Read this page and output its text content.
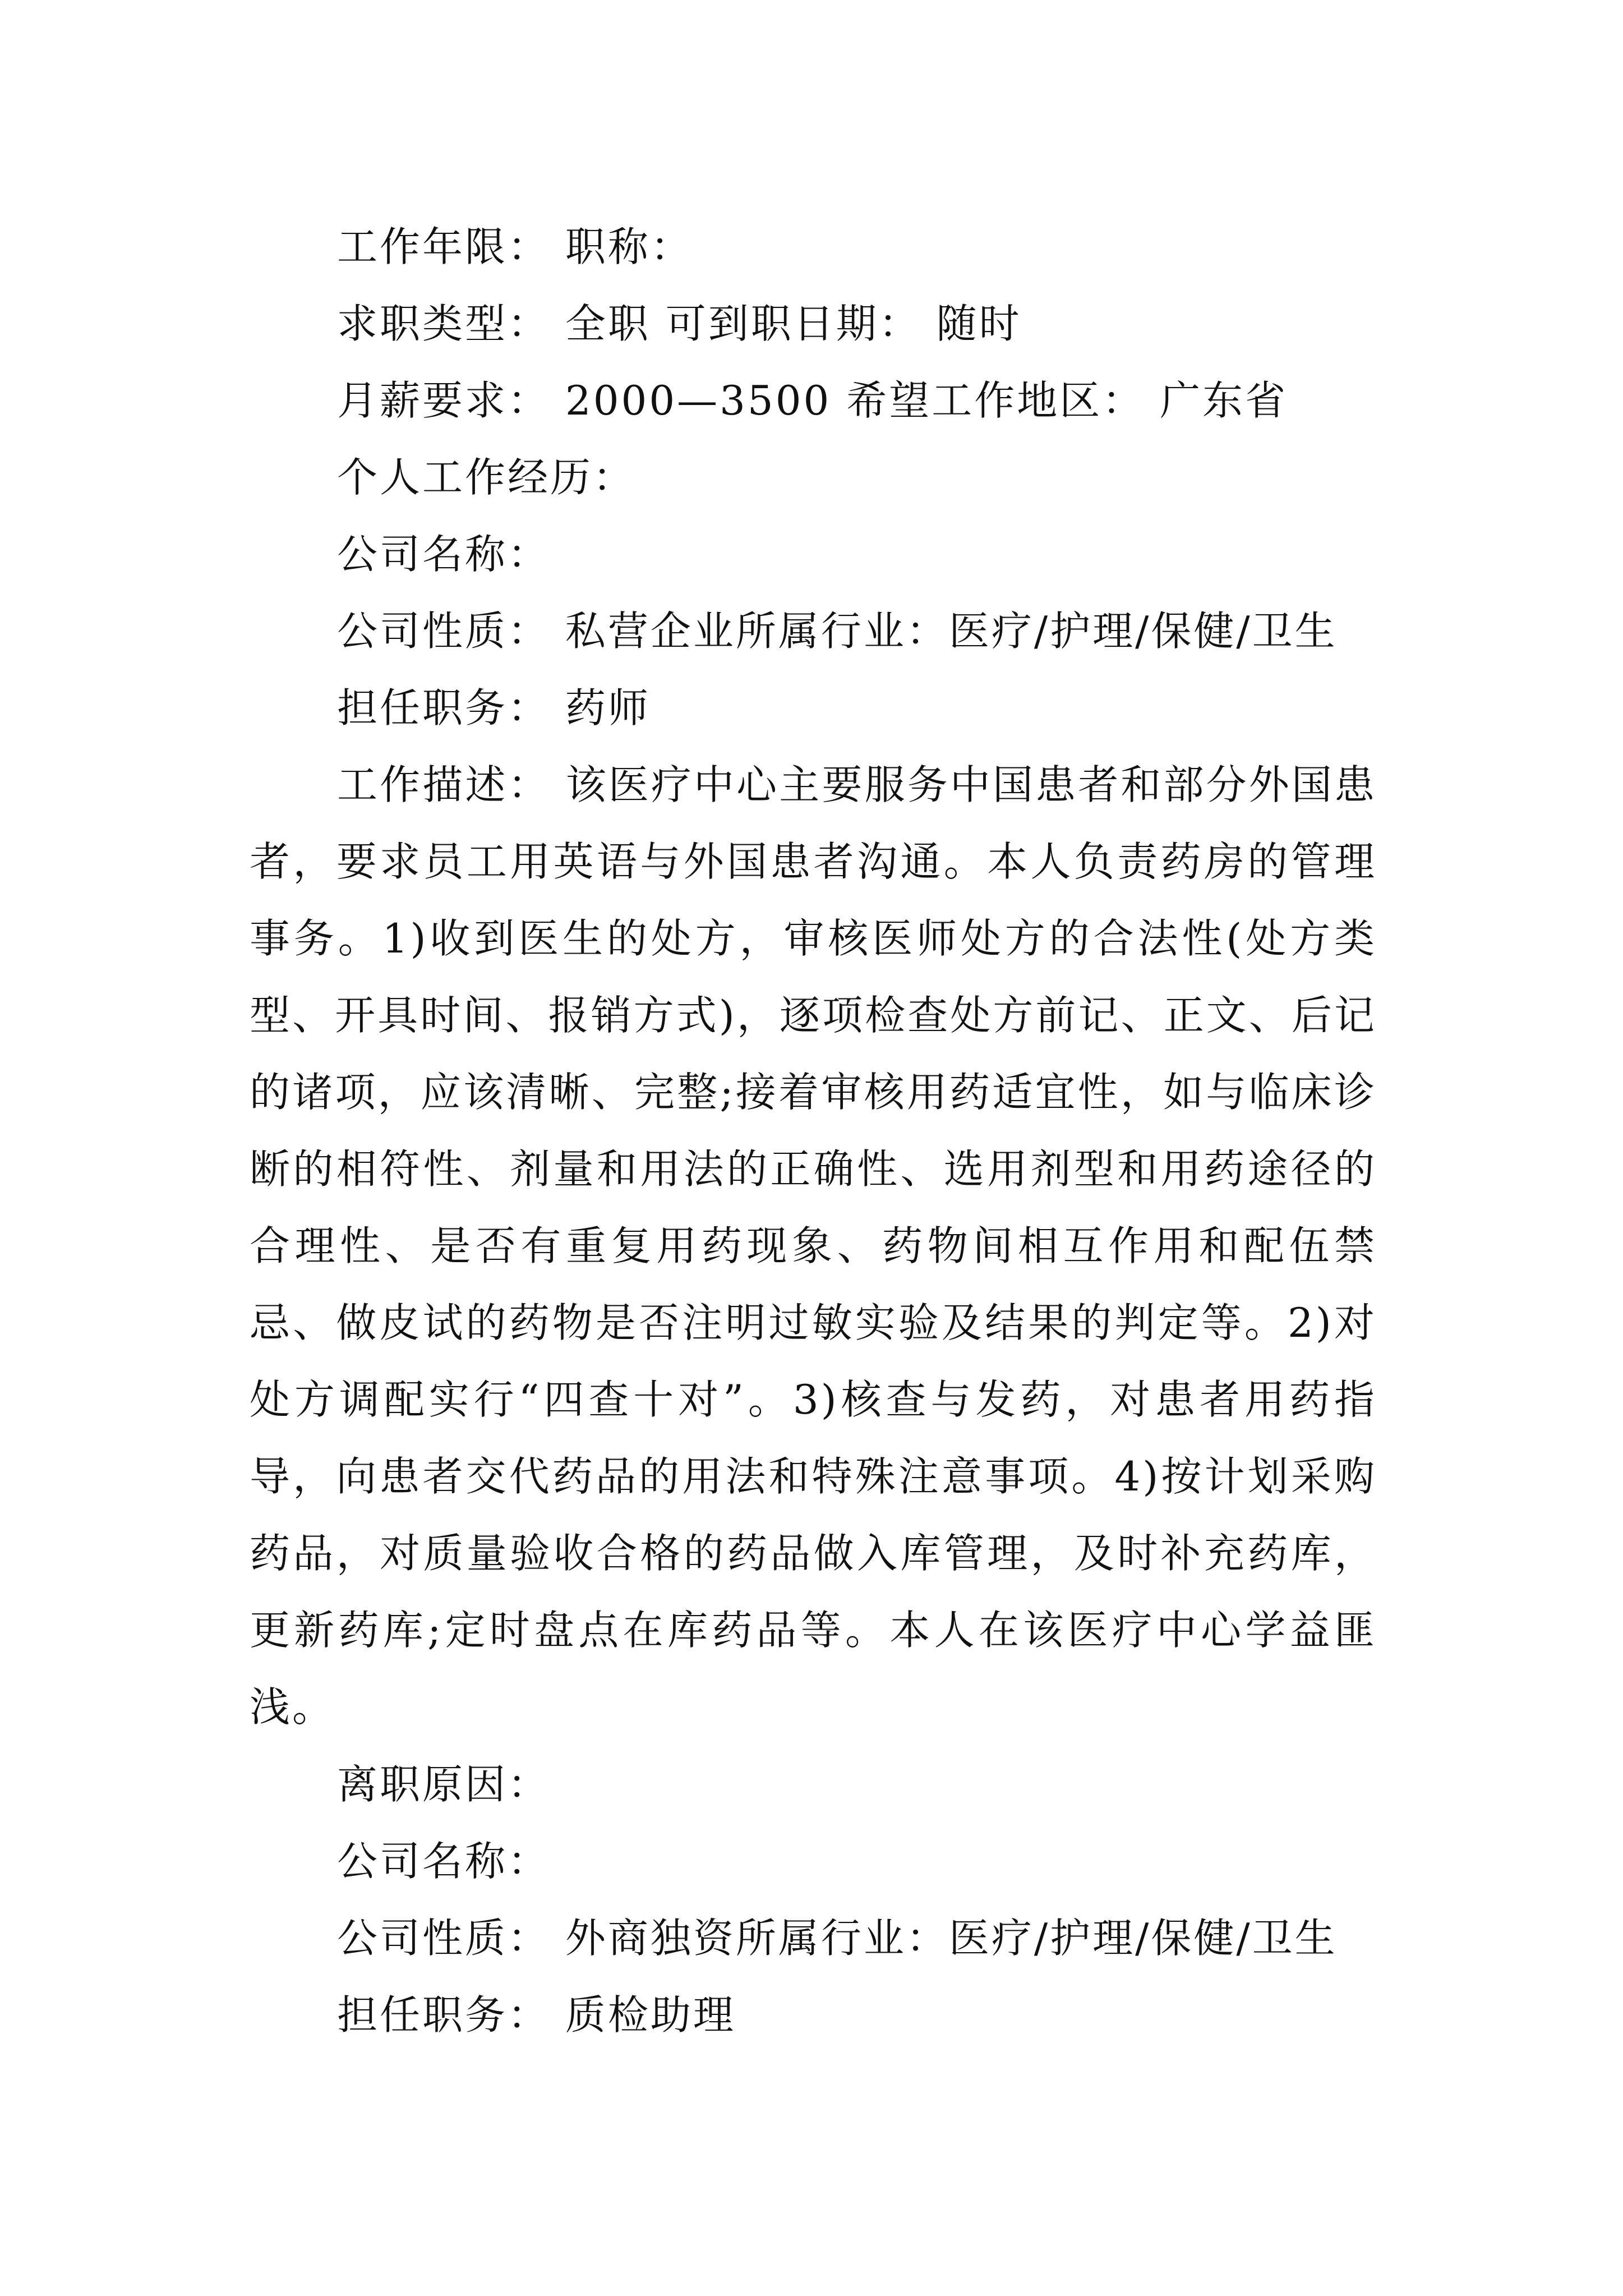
工作年限： 职称：
求职类型： 全职 可到职日期： 随时
月薪要求： 2000—3500 希望工作地区： 广东省
个人工作经历：
公司名称：
公司性质： 私营企业所属行业：医疗/护理/保健/卫生
担任职务： 药师
工作描述： 该医疗中心主要服务中国患者和部分外国患者，要求员工用英语与外国患者沟通。本人负责药房的管理事务。1)收到医生的处方，审核医师处方的合法性(处方类型、开具时间、报销方式)，逐项检查处方前记、正文、后记的诸项，应该清晰、完整;接着审核用药适宜性，如与临床诊断的相符性、剂量和用法的正确性、选用剂型和用药途径的合理性、是否有重复用药现象、药物间相互作用和配伍禁忌、做皮试的药物是否注明过敏实验及结果的判定等。2)对处方调配实行“四查十对”。3)核查与发药，对患者用药指导，向患者交代药品的用法和特殊注意事项。4)按计划采购药品，对质量验收合格的药品做入库管理，及时补充药库，更新药库;定时盘点在库药品等。本人在该医疗中心学益匪浅。
离职原因：
公司名称：
公司性质： 外商独资所属行业：医疗/护理/保健/卫生
担任职务： 质检助理
